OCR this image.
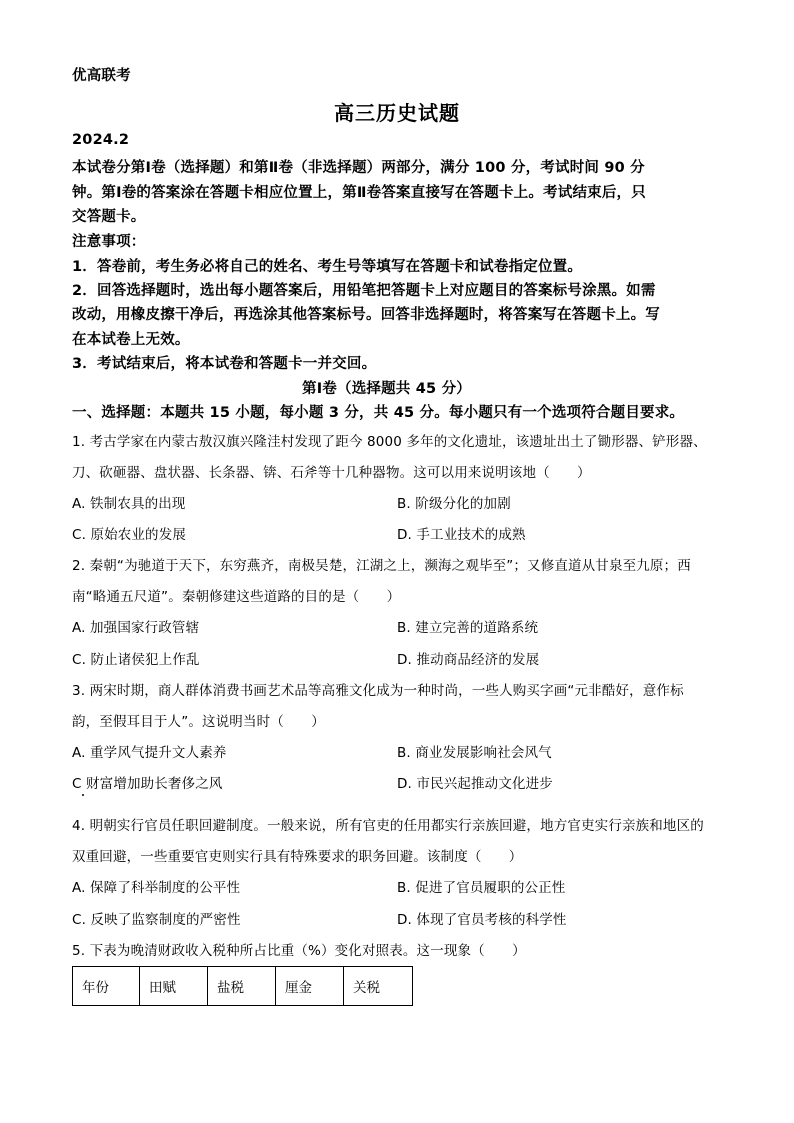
优高联考
高三历史试题
2024.2
本试卷分第Ⅰ卷（选择题）和第Ⅱ卷（非选择题）两部分，满分 100 分，考试时间 90 分
钟。第Ⅰ卷的答案涂在答题卡相应位置上，第Ⅱ卷答案直接写在答题卡上。考试结束后，只
交答题卡。
注意事项：
1．答卷前，考生务必将自己的姓名、考生号等填写在答题卡和试卷指定位置。
2．回答选择题时，选出每小题答案后，用铅笔把答题卡上对应题目的答案标号涂黑。如需
改动，用橡皮擦干净后，再选涂其他答案标号。回答非选择题时，将答案写在答题卡上。写
在本试卷上无效。
3．考试结束后，将本试卷和答题卡一并交回。
第Ⅰ卷（选择题共 45 分）
一、选择题：本题共 15 小题，每小题 3 分，共 45 分。每小题只有一个选项符合题目要求。
1. 考古学家在内蒙古敖汉旗兴隆洼村发现了距今 8000 多年的文化遗址，该遗址出土了锄形器、铲形器、
刀、砍砸器、盘状器、长条器、锛、石斧等十几种器物。这可以用来说明该地（　　）
A. 铁制农具的出现	B. 阶级分化的加剧
C. 原始农业的发展	D. 手工业技术的成熟
2. 秦朝“为驰道于天下，东穷燕齐，南极吴楚，江湖之上，濒海之观毕至”；又修直道从甘泉至九原；西
南“略通五尺道”。秦朝修建这些道路的目的是（　　）
A. 加强国家行政管辖	B. 建立完善的道路系统
C. 防止诸侯犯上作乱	D. 推动商品经济的发展
3. 两宋时期，商人群体消费书画艺术品等高雅文化成为一种时尚，一些人购买字画“元非酷好，意作标
韵，至假耳目于人”。这说明当时（　　）
A. 重学风气提升文人素养	B. 商业发展影响社会风气
C 财富增加助长奢侈之风	D. 市民兴起推动文化进步
4. 明朝实行官员任职回避制度。一般来说，所有官吏的任用都实行亲族回避，地方官吏实行亲族和地区的
双重回避，一些重要官吏则实行具有特殊要求的职务回避。该制度（　　）
A. 保障了科举制度的公平性	B. 促进了官员履职的公正性
C. 反映了监察制度的严密性	D. 体现了官员考核的科学性
5. 下表为晚清财政收入税种所占比重（%）变化对照表。这一现象（　　）
年份	田赋	盐税	厘金	关税
